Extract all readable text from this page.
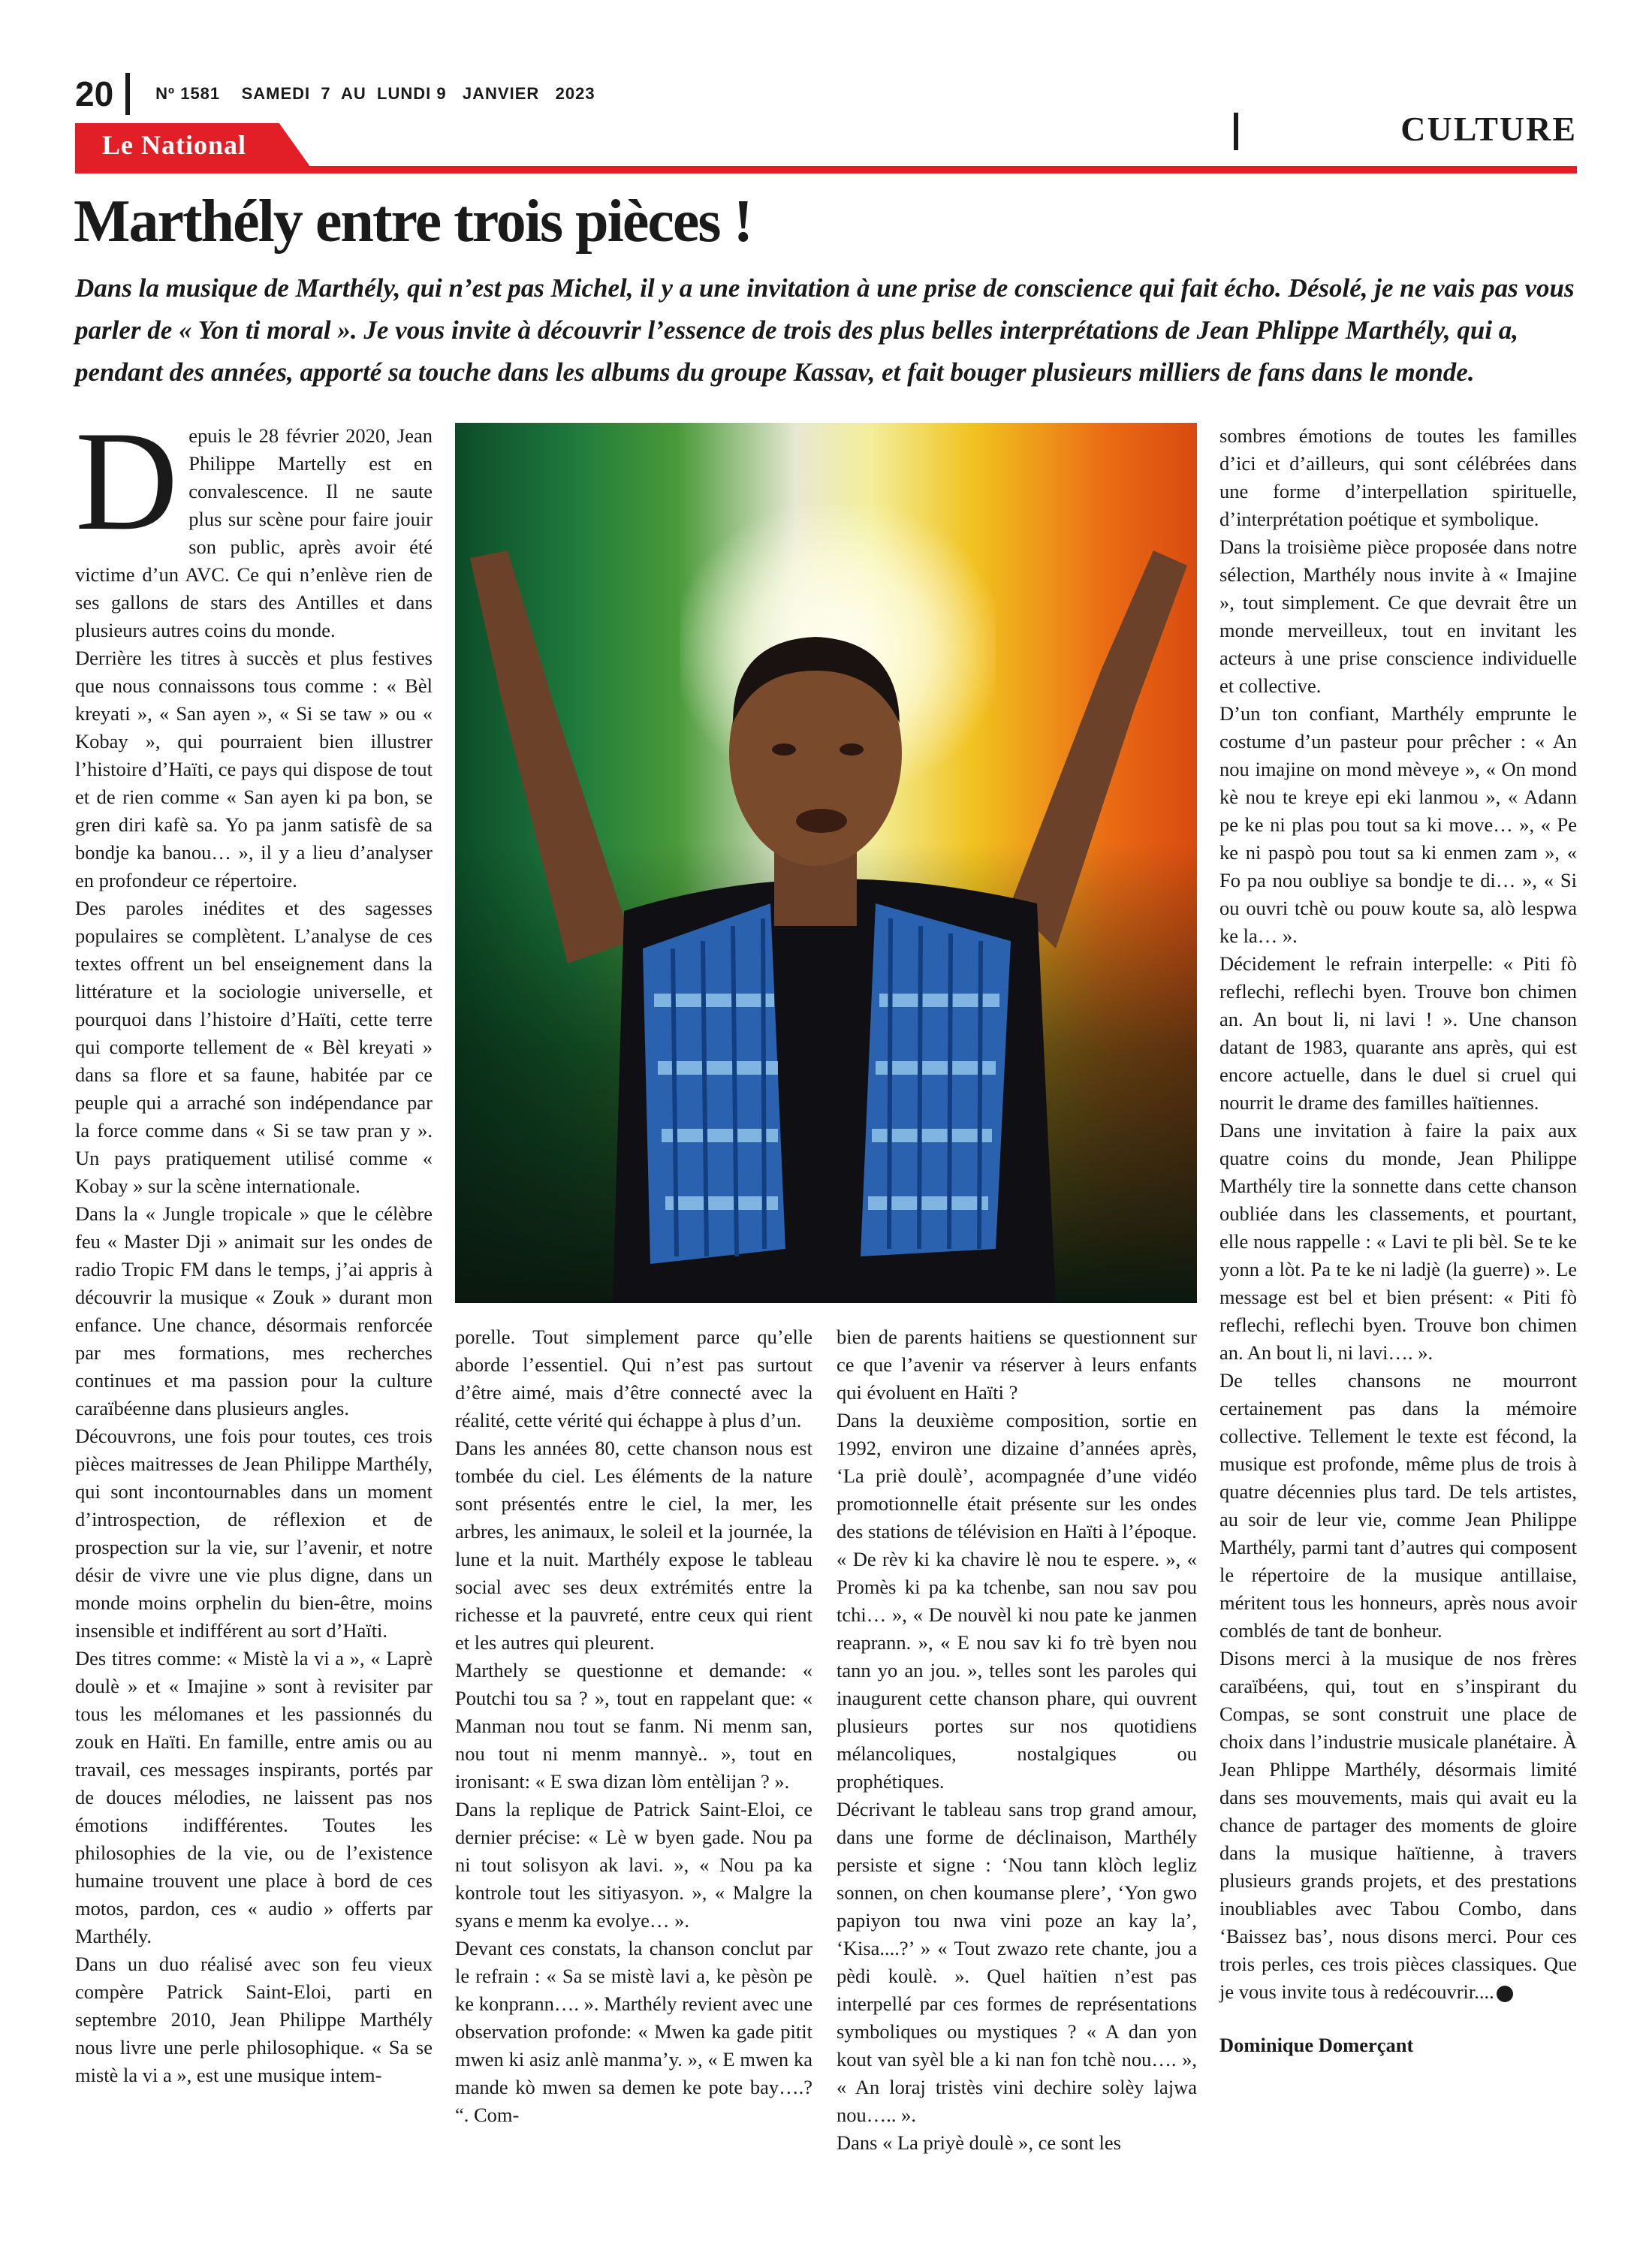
20	Nº 1581    SAMEDI  7  AU  LUNDI 9   JANVIER   2023
Le National	CULTURE
Marthély entre trois pièces !

Dans la musique de Marthély, qui n’est pas Michel, il y a une invitation à une prise de conscience qui fait écho. Désolé, je ne vais pas vous parler de « Yon ti moral ». Je vous invite à découvrir l’essence de trois des plus belles interprétations de Jean Phlippe Marthély, qui a, pendant des années, apporté sa touche dans les albums du groupe Kassav, et fait bouger plusieurs milliers de fans dans le monde.

Depuis le 28 février 2020, Jean Philippe Martelly est en convalescence. Il ne saute plus sur scène pour faire jouir son public, après avoir été victime d’un AVC. Ce qui n’enlève rien de ses gallons de stars des Antilles et dans plusieurs autres coins du monde.

Derrière les titres à succès et plus festives que nous connaissons tous comme : « Bèl kreyati », « San ayen », « Si se taw » ou « Kobay », qui pourraient bien illustrer l’histoire d’Haïti, ce pays qui dispose de tout et de rien comme « San ayen ki pa bon, se gren diri kafè sa. Yo pa janm satisfè de sa bondje ka banou… », il y a lieu d’analyser en profondeur ce répertoire.

Des paroles inédites et des sagesses populaires se complètent. L’analyse de ces textes offrent un bel enseignement dans la littérature et la sociologie universelle, et pourquoi dans l’histoire d’Haïti, cette terre qui comporte tellement de « Bèl kreyati » dans sa flore et sa faune, habitée par ce peuple qui a arraché son indépendance par la force comme dans « Si se taw pran y ». Un pays pratiquement utilisé comme « Kobay » sur la scène internationale.

Dans la « Jungle tropicale » que le célèbre feu « Master Dji » animait sur les ondes de radio Tropic FM dans le temps, j’ai appris à découvrir la musique « Zouk » durant mon enfance. Une chance, désormais renforcée par mes formations, mes recherches continues et ma passion pour la culture caraïbéenne dans plusieurs angles.

Découvrons, une fois pour toutes, ces trois pièces maitresses de Jean Philippe Marthély, qui sont incontournables dans un moment d’introspection, de réflexion et de prospection sur la vie, sur l’avenir, et notre désir de vivre une vie plus digne, dans un monde moins orphelin du bien-être, moins insensible et indifférent au sort d’Haïti.

Des titres comme: « Mistè la vi a », « Laprè doulè » et « Imajine » sont à revisiter par tous les mélomanes et les passionnés du zouk en Haïti. En famille, entre amis ou au travail, ces messages inspirants, portés par de douces mélodies, ne laissent pas nos émotions indifférentes. Toutes les philosophies de la vie, ou de l’existence humaine trouvent une place à bord de ces motos, pardon, ces « audio » offerts par Marthély.

Dans un duo réalisé avec son feu vieux compère Patrick Saint-Eloi, parti en septembre 2010, Jean Philippe Marthély nous livre une perle philosophique. « Sa se mistè la vi a », est une musique intem-

porelle. Tout simplement parce qu’elle aborde l’essentiel. Qui n’est pas surtout d’être aimé, mais d’être connecté avec la réalité, cette vérité qui échappe à plus d’un.

Dans les années 80, cette chanson nous est tombée du ciel. Les éléments de la nature sont présentés entre le ciel, la mer, les arbres, les animaux, le soleil et la journée, la lune et la nuit. Marthély expose le tableau social avec ses deux extrémités entre la richesse et la pauvreté, entre ceux qui rient et les autres qui pleurent.

Marthely se questionne et demande: « Poutchi tou sa ? », tout en rappelant que: « Manman nou tout se fanm. Ni menm san, nou tout ni menm mannyè.. », tout en ironisant: « E swa dizan lòm entèlijan ? ».

Dans la replique de Patrick Saint-Eloi, ce dernier précise: « Lè w byen gade. Nou pa ni tout solisyon ak lavi. », « Nou pa ka kontrole tout les sitiyasyon. », « Malgre la syans e menm ka evolye… ».

Devant ces constats, la chanson conclut par le refrain : « Sa se mistè lavi a, ke pèsòn pe ke konprann…. ». Marthély revient avec une observation profonde: « Mwen ka gade pitit mwen ki asiz anlè manma’y. », « E mwen ka mande kò mwen sa demen ke pote bay….? “. Com-

bien de parents haitiens se questionnent sur ce que l’avenir va réserver à leurs enfants qui évoluent en Haïti ?

Dans la deuxième composition, sortie en 1992, environ une dizaine d’années après, ‘La priè doulè’, acompagnée d’une vidéo promotionnelle était présente sur les ondes des stations de télévision en Haïti à l’époque.

« De rèv ki ka chavire lè nou te espere. », « Promès ki pa ka tchenbe, san nou sav pou tchi… », « De nouvèl ki nou pate ke janmen reaprann. », « E nou sav ki fo trè byen nou tann yo an jou. », telles sont les paroles qui inaugurent cette chanson phare, qui ouvrent plusieurs portes sur nos quotidiens mélancoliques, nostalgiques ou prophétiques.

Décrivant le tableau sans trop grand amour, dans une forme de déclinaison, Marthély persiste et signe : ‘Nou tann klòch legliz sonnen, on chen koumanse plere’, ‘Yon gwo papiyon tou nwa vini poze an kay la’, ‘Kisa....?’ » « Tout zwazo rete chante, jou a pèdi koulè. ». Quel haïtien n’est pas interpellé par ces formes de représentations symboliques ou mystiques ? « A dan yon kout van syèl ble a ki nan fon tchè nou…. », « An loraj tristès vini dechire solèy lajwa nou….. ».

Dans « La priyè doulè », ce sont les

sombres émotions de toutes les familles d’ici et d’ailleurs, qui sont célébrées dans une forme d’interpellation spirituelle, d’interprétation poétique et symbolique.

Dans la troisième pièce proposée dans notre sélection, Marthély nous invite à « Imajine », tout simplement. Ce que devrait être un monde merveilleux, tout en invitant les acteurs à une prise conscience individuelle et collective.

D’un ton confiant, Marthély emprunte le costume d’un pasteur pour prêcher : « An nou imajine on mond mèveye », « On mond kè nou te kreye epi eki lanmou », « Adann pe ke ni plas pou tout sa ki move… », « Pe ke ni paspò pou tout sa ki enmen zam », « Fo pa nou oubliye sa bondje te di… », « Si ou ouvri tchè ou pouw koute sa, alò lespwa ke la… ».

Décidement le refrain interpelle: « Piti fò reflechi, reflechi byen. Trouve bon chimen an. An bout li, ni lavi ! ». Une chanson datant de 1983, quarante ans après, qui est encore actuelle, dans le duel si cruel qui nourrit le drame des familles haïtiennes.

Dans une invitation à faire la paix aux quatre coins du monde, Jean Philippe Marthély tire la sonnette dans cette chanson oubliée dans les classements, et pourtant, elle nous rappelle : « Lavi te pli bèl. Se te ke yonn a lòt. Pa te ke ni ladjè (la guerre) ». Le message est bel et bien présent: « Piti fò reflechi, reflechi byen. Trouve bon chimen an. An bout li, ni lavi…. ».

De telles chansons ne mourront certainement pas dans la mémoire collective. Tellement le texte est fécond, la musique est profonde, même plus de trois à quatre décennies plus tard. De tels artistes, au soir de leur vie, comme Jean Philippe Marthély, parmi tant d’autres qui composent le répertoire de la musique antillaise, méritent tous les honneurs, après nous avoir comblés de tant de bonheur.

Disons merci à la musique de nos frères caraïbéens, qui, tout en s’inspirant du Compas, se sont construit une place de choix dans l’industrie musicale planétaire. À Jean Phlippe Marthély, désormais limité dans ses mouvements, mais qui avait eu la chance de partager des moments de gloire dans la musique haïtienne, à travers plusieurs grands projets, et des prestations inoubliables avec Tabou Combo, dans ‘Baissez bas’, nous disons merci. Pour ces trois perles, ces trois pièces classiques. Que je vous invite tous à redécouvrir....

Dominique Domerçant
